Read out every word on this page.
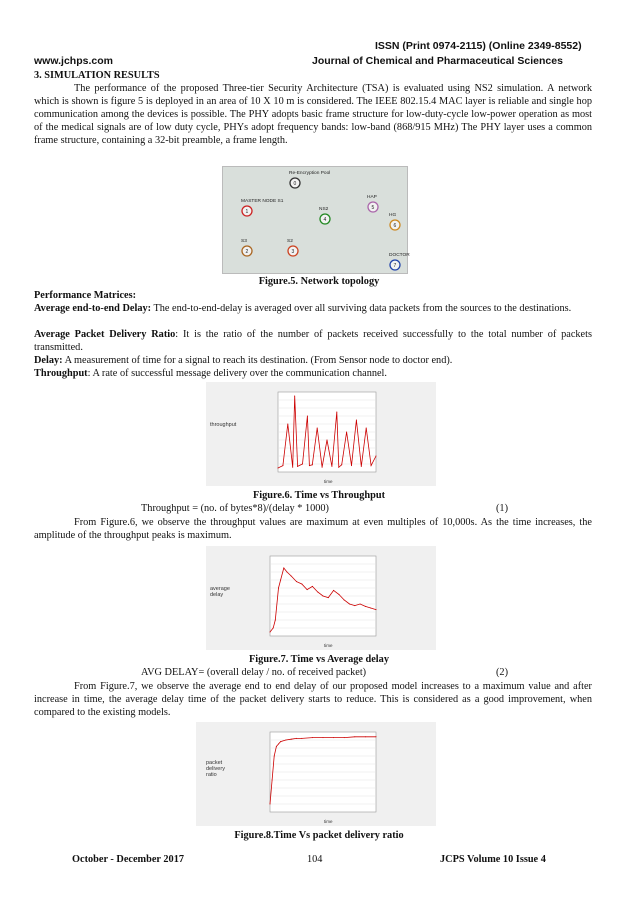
ISSN (Print 0974-2115) (Online 2349-8552)
www.jchps.com	Journal of Chemical and Pharmaceutical Sciences
3. SIMULATION RESULTS
The performance of the proposed Three-tier Security Architecture (TSA) is evaluated using NS2 simulation. A network which is shown is figure 5 is deployed in an area of 10 X 10 m is considered. The IEEE 802.15.4 MAC layer is reliable and single hop communication among the devices is possible. The PHY adopts basic frame structure for low-duty-cycle low-power operation as most of the medical signals are of low duty cycle, PHYs adopt frequency bands: low-band (868/915 MHz) The PHY layer uses a common frame structure, containing a 32-bit preamble, a frame length.
Re-Encryption Pool
0
MASTER NODE S1
1	NS2
4
HAP
5
HG
6
S3
2
S2
3
DOCTOR
7
Figure.5. Network topology
Performance Matrices:
Average end-to-end Delay: The end-to-end-delay is averaged over all surviving data packets from the sources to the destinations.
Average Packet Delivery Ratio: It is the ratio of the number of packets received successfully to the total number of packets transmitted.
Delay: A measurement of time for a signal to reach its destination. (From Sensor node to doctor end).
Throughput: A rate of successful message delivery over the communication channel.
throughput
time
Figure.6. Time vs Throughput
Throughput = (no. of bytes*8)/(delay * 1000)	(1)
From Figure.6, we observe the throughput values are maximum at even multiples of 10,000s. As the time increases, the amplitude of the throughput peaks is maximum.
average
delay
time
Figure.7. Time vs Average delay
AVG DELAY= (overall delay / no. of received packet)	(2)
From Figure.7, we observe the average end to end delay of our proposed model increases to a maximum value and after increase in time, the average delay time of the packet delivery starts to reduce. This is considered as a good improvement, when compared to the existing models.
packet
delivery
ratio
time
Figure.8.Time Vs packet delivery ratio
October - December 2017	104	JCPS Volume 10 Issue 4
